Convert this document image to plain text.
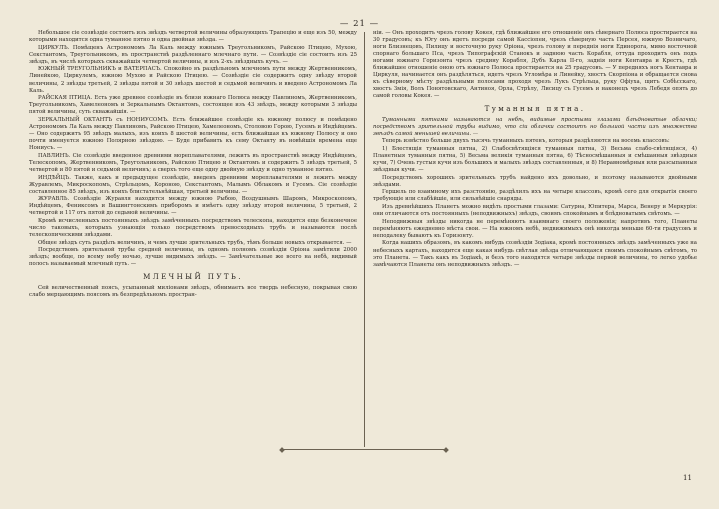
— 21 —

Небольшое сіе созвѣздіе состоитъ изъ звѣздъ четвертой величины образующихъ Трапецію и еще изъ 50, между которыми находится одна туманное пятно и одна двойная звѣзда. —

ЦИРКУЛЪ. Помѣщенъ Астрономомъ Ла Каль между южнымъ Треугольникомъ, Райскою Птицею, Мухою, Секстантомъ, Треугольникомъ, въ пространствѣ раздѣленнаго млечнаго пути. — Созвѣздіе сіе состоитъ изъ 25 звѣздъ, въ числѣ которыхъ скважайшія четвертой величины, и изъ 2-хъ звѣздныхъ кучъ. —

ЮЖНЫЙ ТРЕУГОЛЬНИКЪ и ВАТЕРПАСЪ. Спокойно въ раздѣльномъ млечномъ пути между Жертвенникомъ, Линейкою, Циркулемъ, южною Мухою и Райскою Птицею. — Созвѣздіе сіе содержитъ одну звѣзду второй величины, 2 звѣзды третьей, 2 звѣзды пятой и 30 звѣздъ шестой и седьмой величинъ и введено Астрономомъ Ла Каль.

РАЙСКАЯ ПТИЦА. Есть уже древнее созвѣздіе въ близи южнаго Полюса между Павлиномъ, Жертвенникомъ, Треугольникомъ, Хамелеономъ и Зеркальнымъ Октантомъ, состоящее изъ 43 звѣздъ, между которыми 3 звѣзды пятой величины, суть скважайшія. —

ЗЕРКАЛЬНЫЙ ОКТАНТЪ съ НОНИУСОМЪ. Есть ближайшее созвѣздіе къ южному полюсу и помѣщено Астрономомъ Ла Каль между Павлиномъ, Райскою Птицею, Хамелеономъ, Столовою Горою, Гусемъ и Индѣйцемъ. — Оно содержитъ 95 звѣздъ малыхъ, изъ коихъ 8 шестой величины, есть ближайшая къ южному Полюсу и оно почти именуется южною Полярною звѣздою. — Буде прибавить къ сему Октанту въ новѣйшія времена еще Нониусъ. —

ПАВЛИНЪ. Сіе созвѣздіе введенное древними мореплавателями, лежитъ въ пространствѣ между Индѣйцемъ, Телескопомъ, Жертвенникомъ, Треугольникомъ, Райскою Птицею и Октантомъ и содержитъ 5 звѣздъ третьей, 5 четвертой и 80 пятой и седьмой величинъ; а сверхъ того еще одну двойную звѣзду и одно туманное пятно.

ИНДѢЙЦЪ. Также, какъ и предыдущее созвѣздіе, введенъ древними мореплавателями и лежитъ между Журавлемъ, Микроскопомъ, Стрѣльцомъ, Короною, Секстантомъ, Малымъ Облакомъ и Гусемъ. Сіе созвѣздіе составленное 85 звѣздъ, изъ коихъ блистательнѣйшая, третьей величины. —

ЖУРАВЛЬ. Созвѣздіе Журавля находится между южною Рыбою, Воздушнымъ Шаромъ, Микроскопомъ, Индѣйцемъ, Фениксомъ и Вашингтонскимъ приборомъ и имѣетъ одну звѣзду второй величины, 5 третьей, 2 четвертой и 117 отъ пятой до седьмой величины. —

Кромѣ исчисленныхъ постоянныхъ звѣздъ замѣченныхъ посредствомъ телескопа, находятся еще безконечное число таковыхъ, которыхъ узнающія только посредствомъ превосходныхъ трубъ и называются послѣ телескопическими звѣздами.

Общее звѣздъ суть раздѣлъ величинъ, и чемъ лучше зрительныхъ трубъ, тѣмъ больше новыхъ открывается. —

Посредствомъ зрительной трубы средней величины, въ одномъ полномъ созвѣздіи Оріона замѣтили 2000 звѣздъ; вообще, по всему небу ночью, лучше видимыхъ звѣздъ. — Замѣчательные же всего на небѣ, видимый полосъ называемый млечный путь. —

МЛЕЧНЫЙ ПУТЬ.

Сей величественный поясъ, усыпанный миліонами звѣздъ, обнимаетъ все твердь небесную, покрывая свою слабо мерцающимъ поясомъ въ безпредѣльномъ простран-

ніи. — Онъ проходитъ чрезъ голову Кокея, гдѣ ближайшее его отношеніе онъ сѣвернаго Полюса простирается на 30 градусовъ; къ Югу онъ идетъ посреди самой Кассіопеи, чрезъ сѣверную часть Персея, южную Возничаго, ноги Близнецовъ, Пилицу и восточную руку Оріона, чрезъ голову и переднія ноги Единорога, мимо восточной спорнаго большаго Пса, чрезъ Типографскій Станокъ и заднюю часть Корабля, оттуда проходитъ онъ подъ ногами южнаго Горизонта чрезъ средину Корабля, Дубъ Карла II-го, заднія ноги Кентавра и Крестъ, гдѣ ближайшее отношеніе оною отъ южнаго Полюса простирается на 25 градусовъ. — У передняхъ ногъ Кентавра и Циркуля, начинается онъ раздѣляться, идетъ чрезъ Угломѣра и Линейку, хвостъ Скорпіона и обращается снова къ сѣверному мѣсту раздѣльными полосами проходя чрезъ Лукъ Стрѣльца, руку Офіуха, щитъ Собѣсскаго, хвостъ Змія, Волъ Понятовскаго, Антиноя, Орла, Стрѣлу, Лисицу съ Гусемъ и наконецъ чрезъ Лебедя опять до самой головы Кокея. —

Туманныя пятна.

Туманными пятнами называются на небѣ, видимые простыми глазами блѣдноватые облачки; посредствомъ зрительной трубы видимо, что сіи облачки состоитъ но большой части изъ множества звѣздъ самой меньшей величины. —

Теперь извѣстно больше двухъ тысячь туманныхъ пятенъ, которыя раздѣляются на восемь классовъ:

1) Блестящія туманныя пятна, 2) Слабосвѣтящіяся туманныя пятна, 3) Весьма слабо-свѣтящіяся, 4) Планетныя туманныя пятна, 5) Весьма великія туманныя пятна, 6) Тѣсносмѣшанныя и смѣшанныя звѣздныя кучи, 7) Очень густыя кучи изъ большихъ и малыхъ звѣздъ составленныя, и 8) Неравномѣрныя или разсыпанныя звѣздныя кучи. —

Посредствомъ хорошихъ зрительныхъ трубъ найдено ихъ довольно, и поэтому называются двойными звѣздами.

Гершель по взаимному ихъ разстоянію, раздѣлилъ ихъ на четыре классовъ, кромѣ сего для открытія своего требующіе или слабѣйшіе, или сильнѣйшіе снаряды.

Изъ древнѣйшихъ Планетъ можно видѣть простыми глазами: Сатурна, Юпитера, Марса, Венеру и Меркурія: они отличаются отъ постоянныхъ (неподвижныхъ) звѣздъ, своимъ спокойнымъ и блѣдноватымъ свѣтомъ. —

Неподвижныя звѣзды никогда не перемѣняютъ взаимнаго своего положенія; напротивъ того, Планеты перемѣняютъ ежедневно мѣста свои. — На южномъ небѣ, недвижимыхъ онѣ никогда меньше 60-ти градусовъ и неподалеку бываютъ къ Горизонту.

Когда нашихъ образомъ, въ какомъ нибудь созвѣздіи Зодіака, кромѣ постоянныхъ звѣздъ замѣченныхъ уже на небесныхъ картахъ, находится еще какая нибудь свѣтлая звѣзда отличающаяся своимъ спокойнымъ свѣтомъ, то это Планета. — Такъ какъ въ Зодіакѣ, и безъ того находятся четыре звѣзды первой величины, то легко удобье замѣчаются Планеты онъ неподвижныхъ звѣздъ. —

11
